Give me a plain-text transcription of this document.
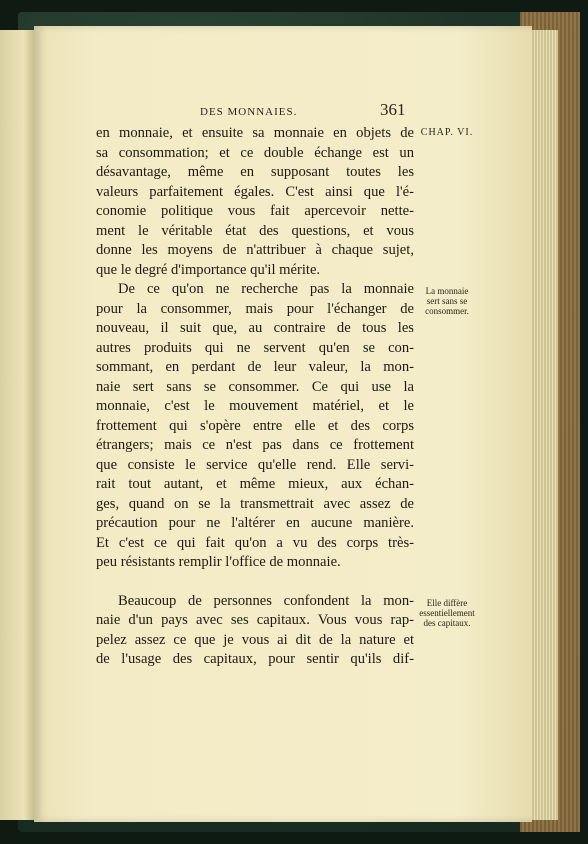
DES MONNAIES.	361
CHAP. VI.
La monnaie
sert sans se
consommer.
Elle diffère
essentiellement
des capitaux.
en monnaie, et ensuite sa monnaie en objets de
sa consommation; et ce double échange est un
désavantage, même en supposant toutes les
valeurs parfaitement égales. C'est ainsi que l'é-
conomie politique vous fait apercevoir nette-
ment le véritable état des questions, et vous
donne les moyens de n'attribuer à chaque sujet,
que le degré d'importance qu'il mérite.
De ce qu'on ne recherche pas la monnaie
pour la consommer, mais pour l'échanger de
nouveau, il suit que, au contraire de tous les
autres produits qui ne servent qu'en se con-
sommant, en perdant de leur valeur, la mon-
naie sert sans se consommer. Ce qui use la
monnaie, c'est le mouvement matériel, et le
frottement qui s'opère entre elle et des corps
étrangers; mais ce n'est pas dans ce frottement
que consiste le service qu'elle rend. Elle servi-
rait tout autant, et même mieux, aux échan-
ges, quand on se la transmettrait avec assez de
précaution pour ne l'altérer en aucune manière.
Et c'est ce qui fait qu'on a vu des corps très-
peu résistants remplir l'office de monnaie.
Beaucoup de personnes confondent la mon-
naie d'un pays avec ses capitaux. Vous vous rap-
pelez assez ce que je vous ai dit de la nature et
de l'usage des capitaux, pour sentir qu'ils dif-
